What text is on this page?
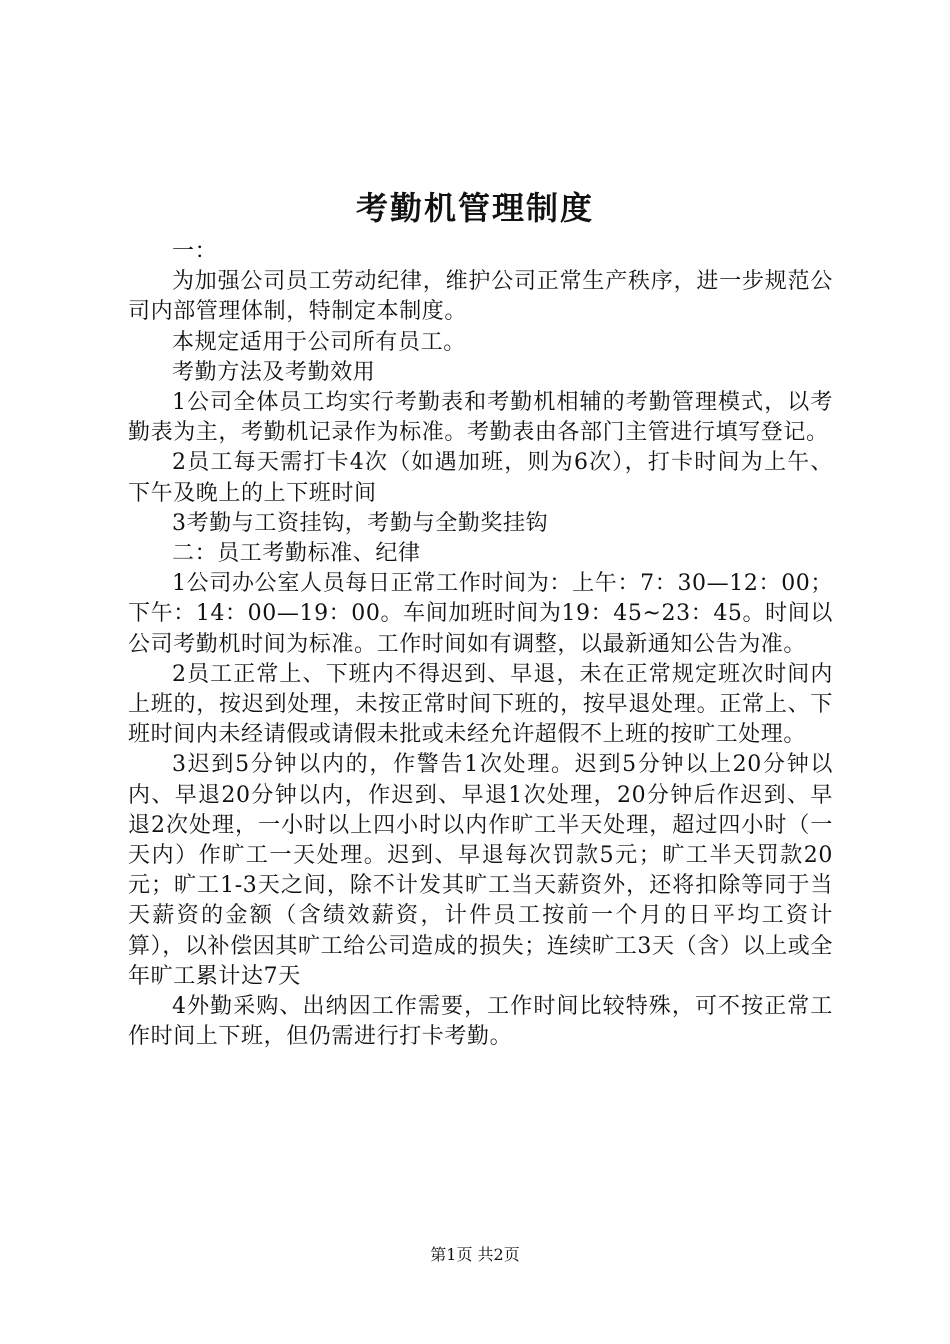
考勤机管理制度

一：

为加强公司员工劳动纪律，维护公司正常生产秩序，进一步规范公司内部管理体制，特制定本制度。

本规定适用于公司所有员工。

考勤方法及考勤效用

1公司全体员工均实行考勤表和考勤机相辅的考勤管理模式，以考勤表为主，考勤机记录作为标准。考勤表由各部门主管进行填写登记。

2员工每天需打卡4次（如遇加班，则为6次），打卡时间为上午、下午及晚上的上下班时间

3考勤与工资挂钩，考勤与全勤奖挂钩

二：员工考勤标准、纪律

1公司办公室人员每日正常工作时间为：上午：7：30—12：00；下午：14：00—19：00。车间加班时间为19：45~23：45。时间以公司考勤机时间为标准。工作时间如有调整，以最新通知公告为准。

2员工正常上、下班内不得迟到、早退，未在正常规定班次时间内上班的，按迟到处理，未按正常时间下班的，按早退处理。正常上、下班时间内未经请假或请假未批或未经允许超假不上班的按旷工处理。

3迟到5分钟以内的，作警告1次处理。迟到5分钟以上20分钟以内、早退20分钟以内，作迟到、早退1次处理，20分钟后作迟到、早退2次处理，一小时以上四小时以内作旷工半天处理，超过四小时（一天内）作旷工一天处理。迟到、早退每次罚款5元；旷工半天罚款20元；旷工1-3天之间，除不计发其旷工当天薪资外，还将扣除等同于当天薪资的金额（含绩效薪资，计件员工按前一个月的日平均工资计算），以补偿因其旷工给公司造成的损失；连续旷工3天（含）以上或全年旷工累计达7天

4外勤采购、出纳因工作需要，工作时间比较特殊，可不按正常工作时间上下班，但仍需进行打卡考勤。

第1页 共2页
